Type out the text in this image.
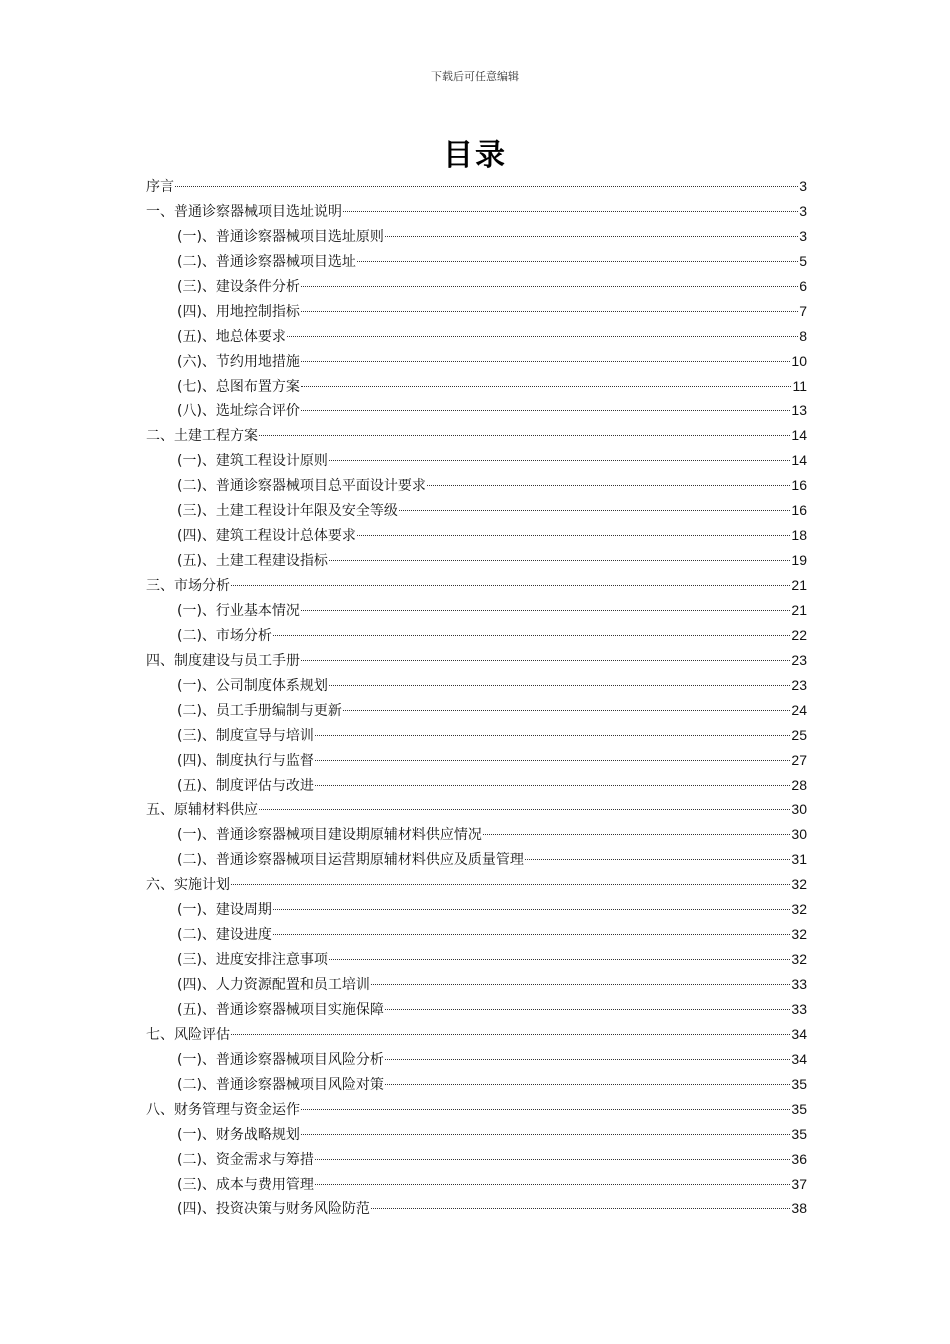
下载后可任意编辑
目录
序言	3
一、普通诊察器械项目选址说明	3
(一)、普通诊察器械项目选址原则	3
(二)、普通诊察器械项目选址	5
(三)、建设条件分析	6
(四)、用地控制指标	7
(五)、地总体要求	8
(六)、节约用地措施	10
(七)、总图布置方案	11
(八)、选址综合评价	13
二、土建工程方案	14
(一)、建筑工程设计原则	14
(二)、普通诊察器械项目总平面设计要求	16
(三)、土建工程设计年限及安全等级	16
(四)、建筑工程设计总体要求	18
(五)、土建工程建设指标	19
三、市场分析	21
(一)、行业基本情况	21
(二)、市场分析	22
四、制度建设与员工手册	23
(一)、公司制度体系规划	23
(二)、员工手册编制与更新	24
(三)、制度宣导与培训	25
(四)、制度执行与监督	27
(五)、制度评估与改进	28
五、原辅材料供应	30
(一)、普通诊察器械项目建设期原辅材料供应情况	30
(二)、普通诊察器械项目运营期原辅材料供应及质量管理	31
六、实施计划	32
(一)、建设周期	32
(二)、建设进度	32
(三)、进度安排注意事项	32
(四)、人力资源配置和员工培训	33
(五)、普通诊察器械项目实施保障	33
七、风险评估	34
(一)、普通诊察器械项目风险分析	34
(二)、普通诊察器械项目风险对策	35
八、财务管理与资金运作	35
(一)、财务战略规划	35
(二)、资金需求与筹措	36
(三)、成本与费用管理	37
(四)、投资决策与财务风险防范	38
